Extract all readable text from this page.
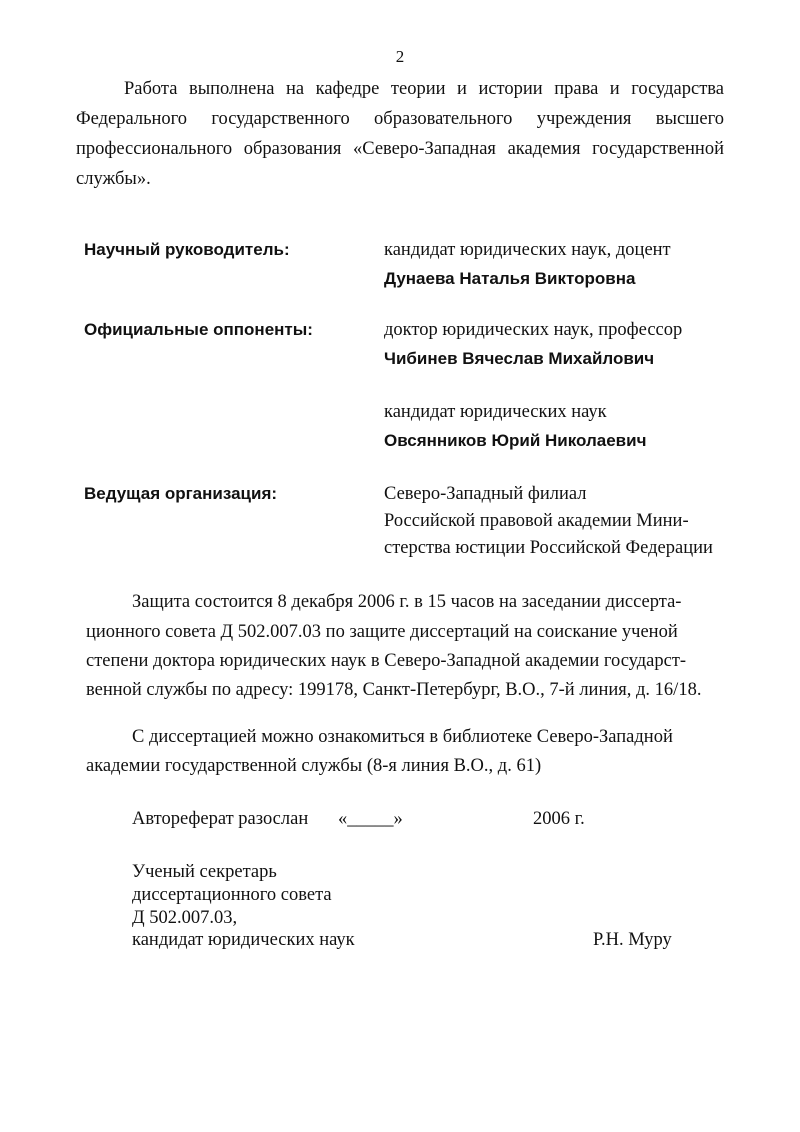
2

Работа выполнена на кафедре теории и истории права и государства Федерального государственного образовательного учреждения высшего профессионального образования «Северо-Западная академия государственной службы».

Научный руководитель:	кандидат юридических наук, доцент
Дунаева Наталья Викторовна
Официальные оппоненты:	доктор юридических наук, профессор
Чибинев Вячеслав Михайлович
кандидат юридических наук
Овсянников Юрий Николаевич
Ведущая организация:	Северо-Западный филиал
Российской правовой академии Мини-
стерства юстиции Российской Федерации
Защита состоится 8 декабря 2006 г. в 15 часов на заседании диссерта-
ционного совета Д 502.007.03 по защите диссертаций на соискание ученой
степени доктора юридических наук в Северо-Западной академии государст-
венной службы по адресу: 199178, Санкт-Петербург, В.О., 7-й линия, д. 16/18.
С диссертацией можно ознакомиться в библиотеке Северо-Западной
академии государственной службы (8-я линия В.О., д. 61)
Автореферат разослан «_____»	2006 г.
Ученый секретарь
диссертационного совета
Д 502.007.03,
кандидат юридических наук	Р.Н. Муру
